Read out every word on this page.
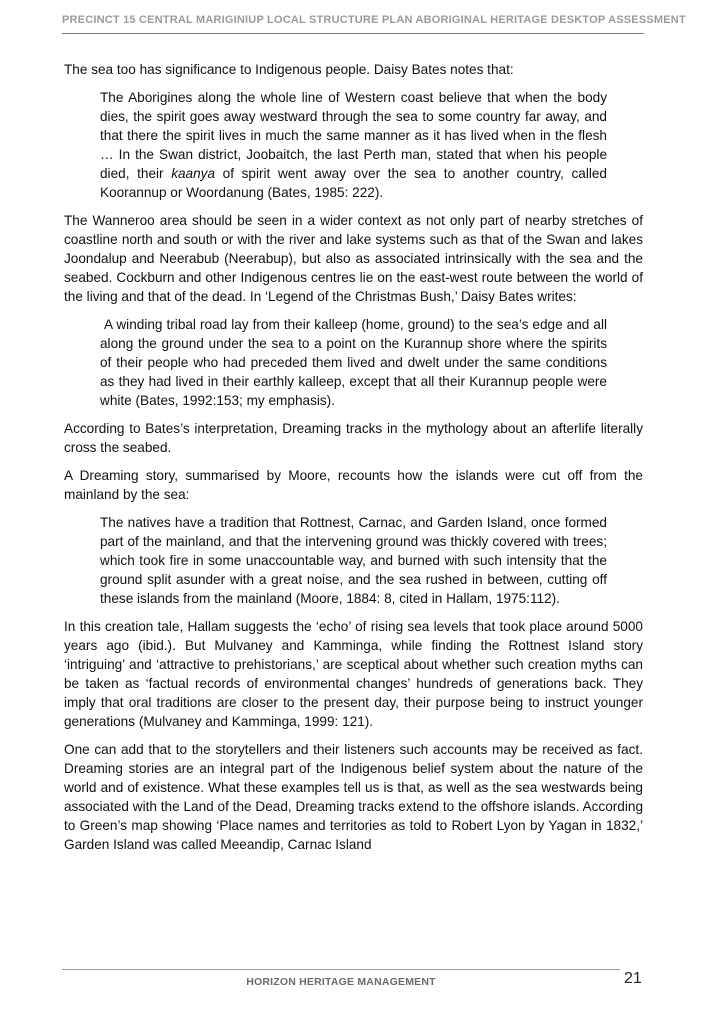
PRECINCT 15 CENTRAL MARIGINIUP LOCAL STRUCTURE PLAN ABORIGINAL HERITAGE DESKTOP ASSESSMENT

The sea too has significance to Indigenous people. Daisy Bates notes that:

The Aborigines along the whole line of Western coast believe that when the body dies, the spirit goes away westward through the sea to some country far away, and that there the spirit lives in much the same manner as it has lived when in the flesh … In the Swan district, Joobaitch, the last Perth man, stated that when his people died, their kaanya of spirit went away over the sea to another country, called Koorannup or Woordanung (Bates, 1985: 222).

The Wanneroo area should be seen in a wider context as not only part of nearby stretches of coastline north and south or with the river and lake systems such as that of the Swan and lakes Joondalup and Neerabub (Neerabup), but also as associated intrinsically with the sea and the seabed. Cockburn and other Indigenous centres lie on the east-west route between the world of the living and that of the dead. In ‘Legend of the Christmas Bush,’ Daisy Bates writes:

A winding tribal road lay from their kalleep (home, ground) to the sea’s edge and all along the ground under the sea to a point on the Kurannup shore where the spirits of their people who had preceded them lived and dwelt under the same conditions as they had lived in their earthly kalleep, except that all their Kurannup people were white (Bates, 1992:153; my emphasis).

According to Bates’s interpretation, Dreaming tracks in the mythology about an afterlife literally cross the seabed.

A Dreaming story, summarised by Moore, recounts how the islands were cut off from the mainland by the sea:

The natives have a tradition that Rottnest, Carnac, and Garden Island, once formed part of the mainland, and that the intervening ground was thickly covered with trees; which took fire in some unaccountable way, and burned with such intensity that the ground split asunder with a great noise, and the sea rushed in between, cutting off these islands from the mainland (Moore, 1884: 8, cited in Hallam, 1975:112).

In this creation tale, Hallam suggests the ‘echo’ of rising sea levels that took place around 5000 years ago (ibid.). But Mulvaney and Kamminga, while finding the Rottnest Island story ‘intriguing’ and ‘attractive to prehistorians,’ are sceptical about whether such creation myths can be taken as ‘factual records of environmental changes’ hundreds of generations back. They imply that oral traditions are closer to the present day, their purpose being to instruct younger generations (Mulvaney and Kamminga, 1999: 121).

One can add that to the storytellers and their listeners such accounts may be received as fact. Dreaming stories are an integral part of the Indigenous belief system about the nature of the world and of existence. What these examples tell us is that, as well as the sea westwards being associated with the Land of the Dead, Dreaming tracks extend to the offshore islands. According to Green’s map showing ‘Place names and territories as told to Robert Lyon by Yagan in 1832,’ Garden Island was called Meeandip, Carnac Island

HORIZON HERITAGE MANAGEMENT	21
